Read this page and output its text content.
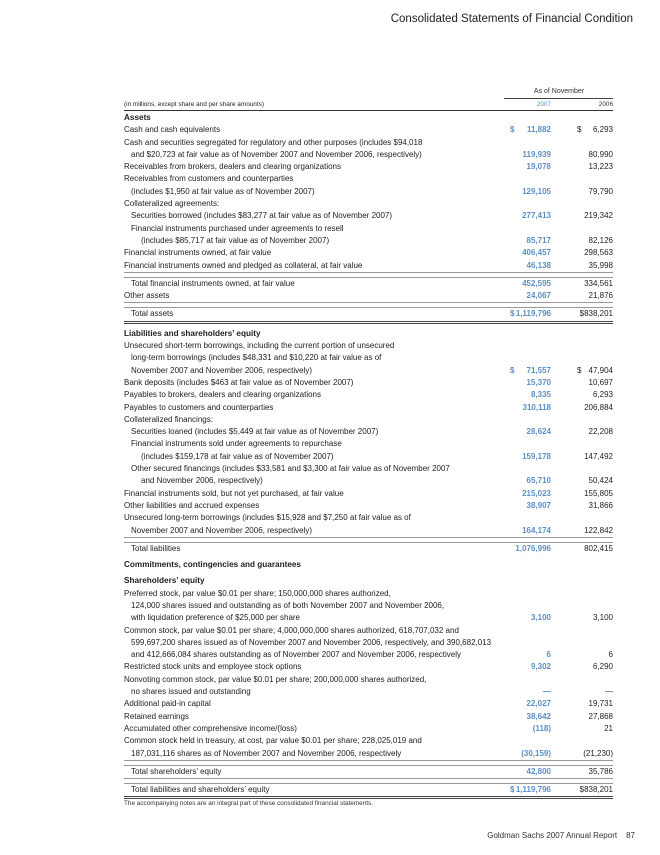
Consolidated Statements of Financial Condition
As of November
(in millions, except share and per share amounts)	2007	2006
Assets
Cash and cash equivalents	$	11,882	$	6,293
Cash and securities segregated for regulatory and other purposes (includes $94,018
and $20,723 at fair value as of November 2007 and November 2006, respectively)	119,939	80,990
Receivables from brokers, dealers and clearing organizations	19,078	13,223
Receivables from customers and counterparties
(includes $1,950 at fair value as of November 2007)	129,105	79,790
Collateralized agreements:
Securities borrowed (includes $83,277 at fair value as of November 2007)	277,413	219,342
Financial instruments purchased under agreements to resell
(includes $85,717 at fair value as of November 2007)	85,717	82,126
Financial instruments owned, at fair value	406,457	298,563
Financial instruments owned and pledged as collateral, at fair value	46,138	35,998
Total financial instruments owned, at fair value	452,595	334,561
Other assets	24,067	21,876
Total assets	$ 1,119,796	$838,201
Liabilities and shareholders’ equity
Unsecured short-term borrowings, including the current portion of unsecured
long-term borrowings (includes $48,331 and $10,220 at fair value as of
November 2007 and November 2006, respectively)	$	71,557	$ 47,904
Bank deposits (includes $463 at fair value as of November 2007)	15,370	10,697
Payables to brokers, dealers and clearing organizations	8,335	6,293
Payables to customers and counterparties	310,118	206,884
Collateralized financings:
Securities loaned (includes $5,449 at fair value as of November 2007)	28,624	22,208
Financial instruments sold under agreements to repurchase
(includes $159,178 at fair value as of November 2007)	159,178	147,492
Other secured financings (includes $33,581 and $3,300 at fair value as of November 2007
and November 2006, respectively)	65,710	50,424
Financial instruments sold, but not yet purchased, at fair value	215,023	155,805
Other liabilities and accrued expenses	38,907	31,866
Unsecured long-term borrowings (includes $15,928 and $7,250 at fair value as of
November 2007 and November 2006, respectively)	164,174	122,842
Total liabilities	1,076,996	802,415
Commitments, contingencies and guarantees
Shareholders’ equity
Preferred stock, par value $0.01 per share; 150,000,000 shares authorized,
124,000 shares issued and outstanding as of both November 2007 and November 2006,
with liquidation preference of $25,000 per share	3,100	3,100
Common stock, par value $0.01 per share; 4,000,000,000 shares authorized, 618,707,032 and
599,697,200 shares issued as of November 2007 and November 2006, respectively, and 390,682,013
and 412,666,084 shares outstanding as of November 2007 and November 2006, respectively	6	6
Restricted stock units and employee stock options	9,302	6,290
Nonvoting common stock, par value $0.01 per share; 200,000,000 shares authorized,
no shares issued and outstanding	—	—
Additional paid-in capital	22,027	19,731
Retained earnings	38,642	27,868
Accumulated other comprehensive income/(loss)	(118)	21
Common stock held in treasury, at cost, par value $0.01 per share; 228,025,019 and
187,031,116 shares as of November 2007 and November 2006, respectively	(30,159)	(21,230)
Total shareholders’ equity	42,800	35,786
Total liabilities and shareholders’ equity	$ 1,119,796	$838,201
The accompanying notes are an integral part of these consolidated financial statements.
Goldman Sachs 2007 Annual Report 87
